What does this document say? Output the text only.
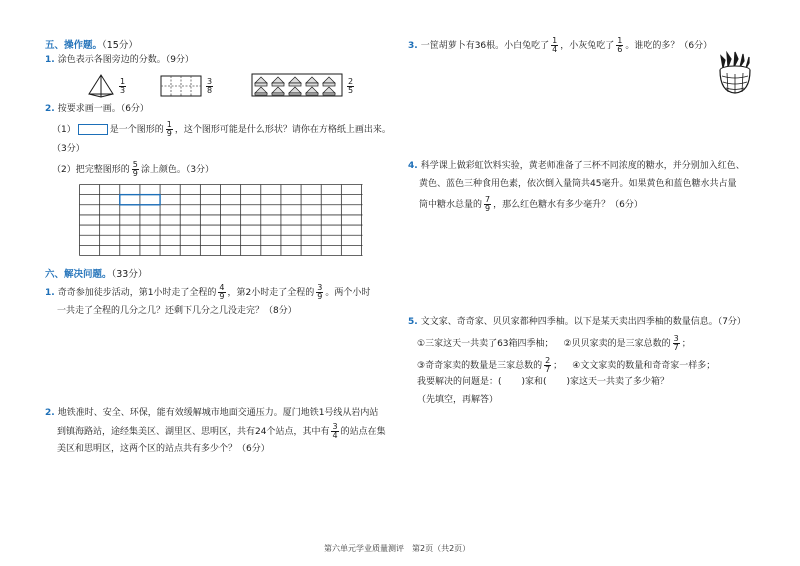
五、操作题。（15分）
1. 涂色表示各图旁边的分数。（9分）
$\frac{1}{3}$	$\frac{3}{8}$	$\frac{2}{5}$
2. 按要求画一画。（6分）
（1）	是一个图形的 $\frac{1}{9}$ ，这个图形可能是什么形状？请你在方格纸上画出来。
（3分）
（2）把完整图形的 $\frac{5}{9}$ 涂上颜色。（3分）
六、解决问题。（33分）
1. 奇奇参加徒步活动，第1小时走了全程的 $\frac{4}{9}$ ，第2小时走了全程的 $\frac{3}{9}$ 。两个小时
一共走了全程的几分之几？还剩下几分之几没走完？（8分）
2. 地铁准时、安全、环保，能有效缓解城市地面交通压力。厦门地铁1号线从岩内站
到镇海路站，途经集美区、湖里区、思明区，共有24个站点，其中有 $\frac{3}{4}$ 的站点在集
美区和思明区，这两个区的站点共有多少个？（6分）
3. 一筐胡萝卜有36根。小白兔吃了 $\frac{1}{4}$ ，小灰兔吃了 $\frac{1}{6}$ 。谁吃的多？（6分）
4. 科学课上做彩虹饮料实验，黄老师准备了三杯不同浓度的糖水，并分别加入红色、
黄色、蓝色三种食用色素，依次倒入量筒共45毫升。如果黄色和蓝色糖水共占量
筒中糖水总量的 $\frac{7}{9}$ ，那么红色糖水有多少毫升？（6分）
5. 文文家、奇奇家、贝贝家都种四季柚。以下是某天卖出四季柚的数量信息。（7分）
①三家这天一共卖了63箱四季柚； ②贝贝家卖的是三家总数的 $\frac{3}{7}$ ；
③奇奇家卖的数量是三家总数的 $\frac{2}{7}$ ； ④文文家卖的数量和奇奇家一样多；
我要解决的问题是：( )家和( )家这天一共卖了多少箱？
（先填空，再解答）
第六单元学业质量测评 第2页（共2页）
